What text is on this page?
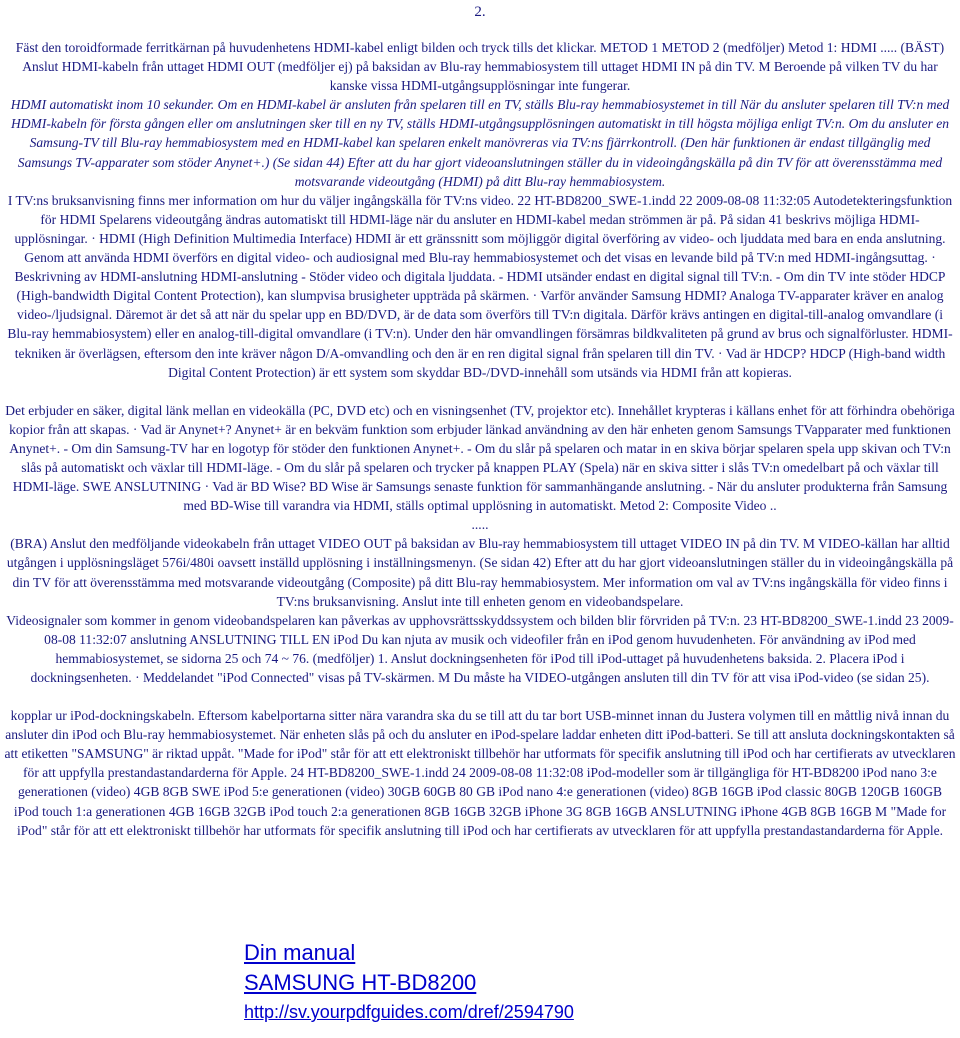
2.

Fäst den toroidformade ferritkärnan på huvudenhetens HDMI-kabel enligt bilden och tryck tills det klickar. METOD 1 METOD 2 (medföljer) Metod 1: HDMI ..... (BÄST) Anslut HDMI-kabeln från uttaget HDMI OUT (medföljer ej) på baksidan av Blu-ray hemmabiosystem till uttaget HDMI IN på din TV. M Beroende på vilken TV du har kanske vissa HDMI-utgångsupplösningar inte fungerar.

HDMI automatiskt inom 10 sekunder. Om en HDMI-kabel är ansluten från spelaren till en TV, ställs Blu-ray hemmabiosystemet in till När du ansluter spelaren till TV:n med HDMI-kabeln för första gången eller om anslutningen sker till en ny TV, ställs HDMI-utgångsupplösningen automatiskt in till högsta möjliga enligt TV:n. Om du ansluter en Samsung-TV till Blu-ray hemmabiosystem med en HDMI-kabel kan spelaren enkelt manövreras via TV:ns fjärrkontroll. (Den här funktionen är endast tillgänglig med Samsungs TV-apparater som stöder Anynet+.) (Se sidan 44) Efter att du har gjort videoanslutningen ställer du in videoingångskälla på din TV för att överensstämma med motsvarande videoutgång (HDMI) på ditt Blu-ray hemmabiosystem.

I TV:ns bruksanvisning finns mer information om hur du väljer ingångskälla för TV:ns video. 22 HT-BD8200_SWE-1.indd 22 2009-08-08 11:32:05 Autodetekteringsfunktion för HDMI Spelarens videoutgång ändras automatiskt till HDMI-läge när du ansluter en HDMI-kabel medan strömmen är på. På sidan 41 beskrivs möjliga HDMI-upplösningar. · HDMI (High Definition Multimedia Interface) HDMI är ett gränssnitt som möjliggör digital överföring av video- och ljuddata med bara en enda anslutning.

Genom att använda HDMI överförs en digital video- och audiosignal med Blu-ray hemmabiosystemet och det visas en levande bild på TV:n med HDMI-ingångsuttag. · Beskrivning av HDMI-anslutning HDMI-anslutning - Stöder video och digitala ljuddata. - HDMI utsänder endast en digital signal till TV:n. - Om din TV inte stöder HDCP (High-bandwidth Digital Content Protection), kan slumpvisa brusigheter uppträda på skärmen. · Varför använder Samsung HDMI? Analoga TV-apparater kräver en analog video-/ljudsignal. Däremot är det så att när du spelar upp en BD/DVD, är de data som överförs till TV:n digitala. Därför krävs antingen en digital-till-analog omvandlare (i Blu-ray hemmabiosystem) eller en analog-till-digital omvandlare (i TV:n). Under den här omvandlingen försämras bildkvaliteten på grund av brus och signalförluster. HDMI-tekniken är överlägsen, eftersom den inte kräver någon D/A-omvandling och den är en ren digital signal från spelaren till din TV. · Vad är HDCP? HDCP (High-band width Digital Content Protection) är ett system som skyddar BD-/DVD-innehåll som utsänds via HDMI från att kopieras.

Det erbjuder en säker, digital länk mellan en videokälla (PC, DVD etc) och en visningsenhet (TV, projektor etc). Innehållet krypteras i källans enhet för att förhindra obehöriga kopior från att skapas. · Vad är Anynet+? Anynet+ är en bekväm funktion som erbjuder länkad användning av den här enheten genom Samsungs TVapparater med funktionen Anynet+. - Om din Samsung-TV har en logotyp för stöder den funktionen Anynet+. - Om du slår på spelaren och matar in en skiva börjar spelaren spela upp skivan och TV:n slås på automatiskt och växlar till HDMI-läge. - Om du slår på spelaren och trycker på knappen PLAY (Spela) när en skiva sitter i slås TV:n omedelbart på och växlar till HDMI-läge. SWE ANSLUTNING · Vad är BD Wise? BD Wise är Samsungs senaste funktion för sammanhängande anslutning. - När du ansluter produkterna från Samsung med BD-Wise till varandra via HDMI, ställs optimal upplösning in automatiskt. Metod 2: Composite Video ..

.....

(BRA) Anslut den medföljande videokabeln från uttaget VIDEO OUT på baksidan av Blu-ray hemmabiosystem till uttaget VIDEO IN på din TV. M VIDEO-källan har alltid utgången i upplösningsläget 576i/480i oavsett inställd upplösning i inställningsmenyn. (Se sidan 42) Efter att du har gjort videoanslutningen ställer du in videoingångskälla på din TV för att överensstämma med motsvarande videoutgång (Composite) på ditt Blu-ray hemmabiosystem. Mer information om val av TV:ns ingångskälla för video finns i TV:ns bruksanvisning. Anslut inte till enheten genom en videobandspelare.

Videosignaler som kommer in genom videobandspelaren kan påverkas av upphovsrättsskyddssystem och bilden blir förvriden på TV:n. 23 HT-BD8200_SWE-1.indd 23 2009-08-08 11:32:07 anslutning ANSLUTNING TILL EN iPod Du kan njuta av musik och videofiler från en iPod genom huvudenheten. För användning av iPod med hemmabiosystemet, se sidorna 25 och 74 ~ 76. (medföljer) 1. Anslut dockningsenheten för iPod till iPod-uttaget på huvudenhetens baksida. 2. Placera iPod i dockningsenheten. · Meddelandet "iPod Connected" visas på TV-skärmen. M Du måste ha VIDEO-utgången ansluten till din TV för att visa iPod-video (se sidan 25).

kopplar ur iPod-dockningskabeln. Eftersom kabelportarna sitter nära varandra ska du se till att du tar bort USB-minnet innan du Justera volymen till en måttlig nivå innan du ansluter din iPod och Blu-ray hemmabiosystemet. När enheten slås på och du ansluter en iPod-spelare laddar enheten ditt iPod-batteri. Se till att ansluta dockningskontakten så att etiketten "SAMSUNG" är riktad uppåt. "Made for iPod" står för att ett elektroniskt tillbehör har utformats för specifik anslutning till iPod och har certifierats av utvecklaren för att uppfylla prestandastandarderna för Apple. 24 HT-BD8200_SWE-1.indd 24 2009-08-08 11:32:08 iPod-modeller som är tillgängliga för HT-BD8200 iPod nano 3:e generationen (video) 4GB 8GB SWE iPod 5:e generationen (video) 30GB 60GB 80 GB iPod nano 4:e generationen (video) 8GB 16GB iPod classic 80GB 120GB 160GB iPod touch 1:a generationen 4GB 16GB 32GB iPod touch 2:a generationen 8GB 16GB 32GB iPhone 3G 8GB 16GB ANSLUTNING iPhone 4GB 8GB 16GB M "Made for iPod" står för att ett elektroniskt tillbehör har utformats för specifik anslutning till iPod och har certifierats av utvecklaren för att uppfylla prestandastandarderna för Apple.

Din manual
SAMSUNG HT-BD8200
http://sv.yourpdfguides.com/dref/2594790
